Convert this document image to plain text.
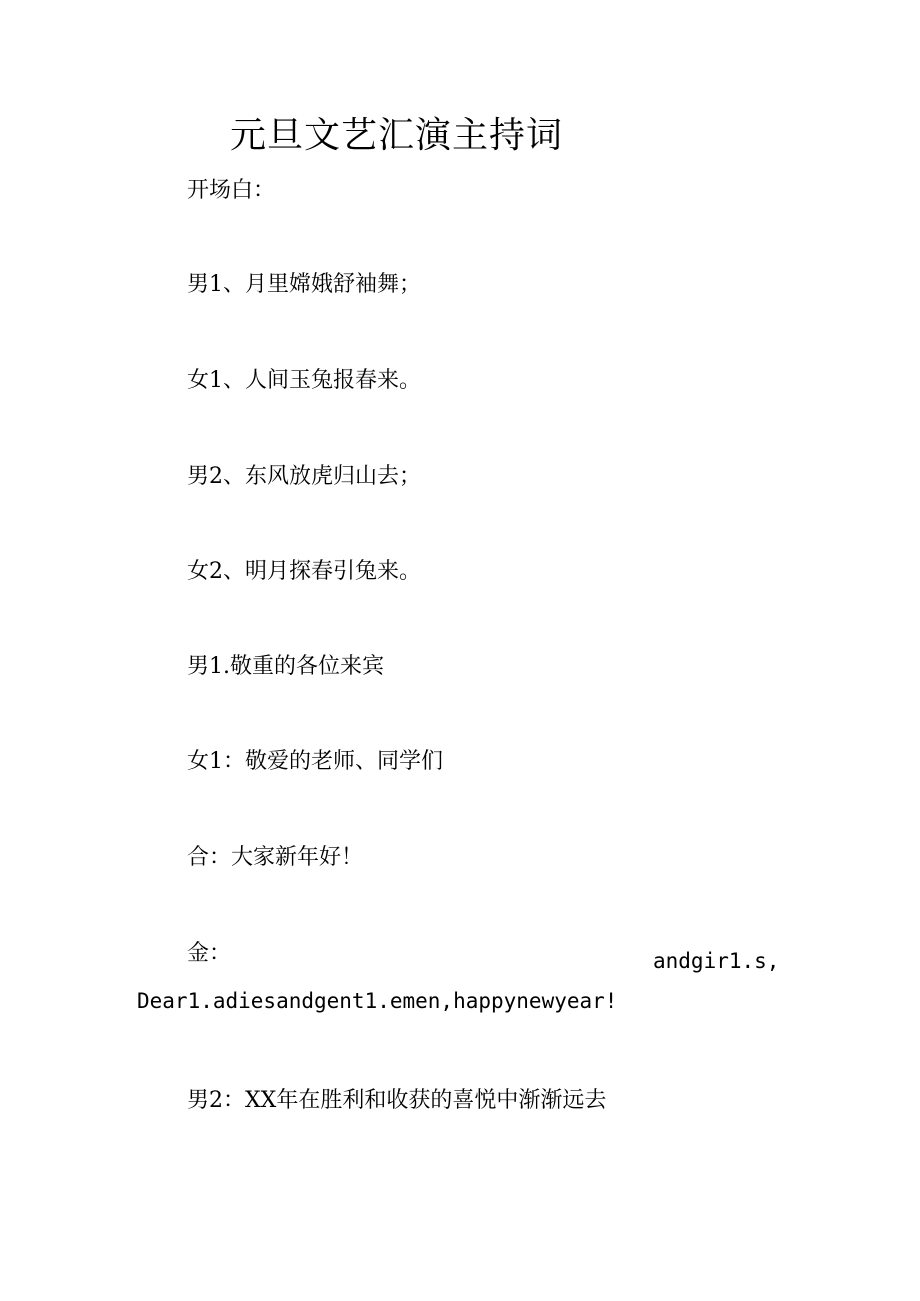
元旦文艺汇演主持词
开场白：
男1、月里嫦娥舒袖舞；
女1、人间玉兔报春来。
男2、东风放虎归山去；
女2、明月探春引兔来。
男1.敬重的各位来宾
女1：敬爱的老师、同学们
合：大家新年好！
金：	andgir1.s,
Dear1.adiesandgent1.emen,happynewyear!
男2：XX年在胜利和收获的喜悦中渐渐远去
